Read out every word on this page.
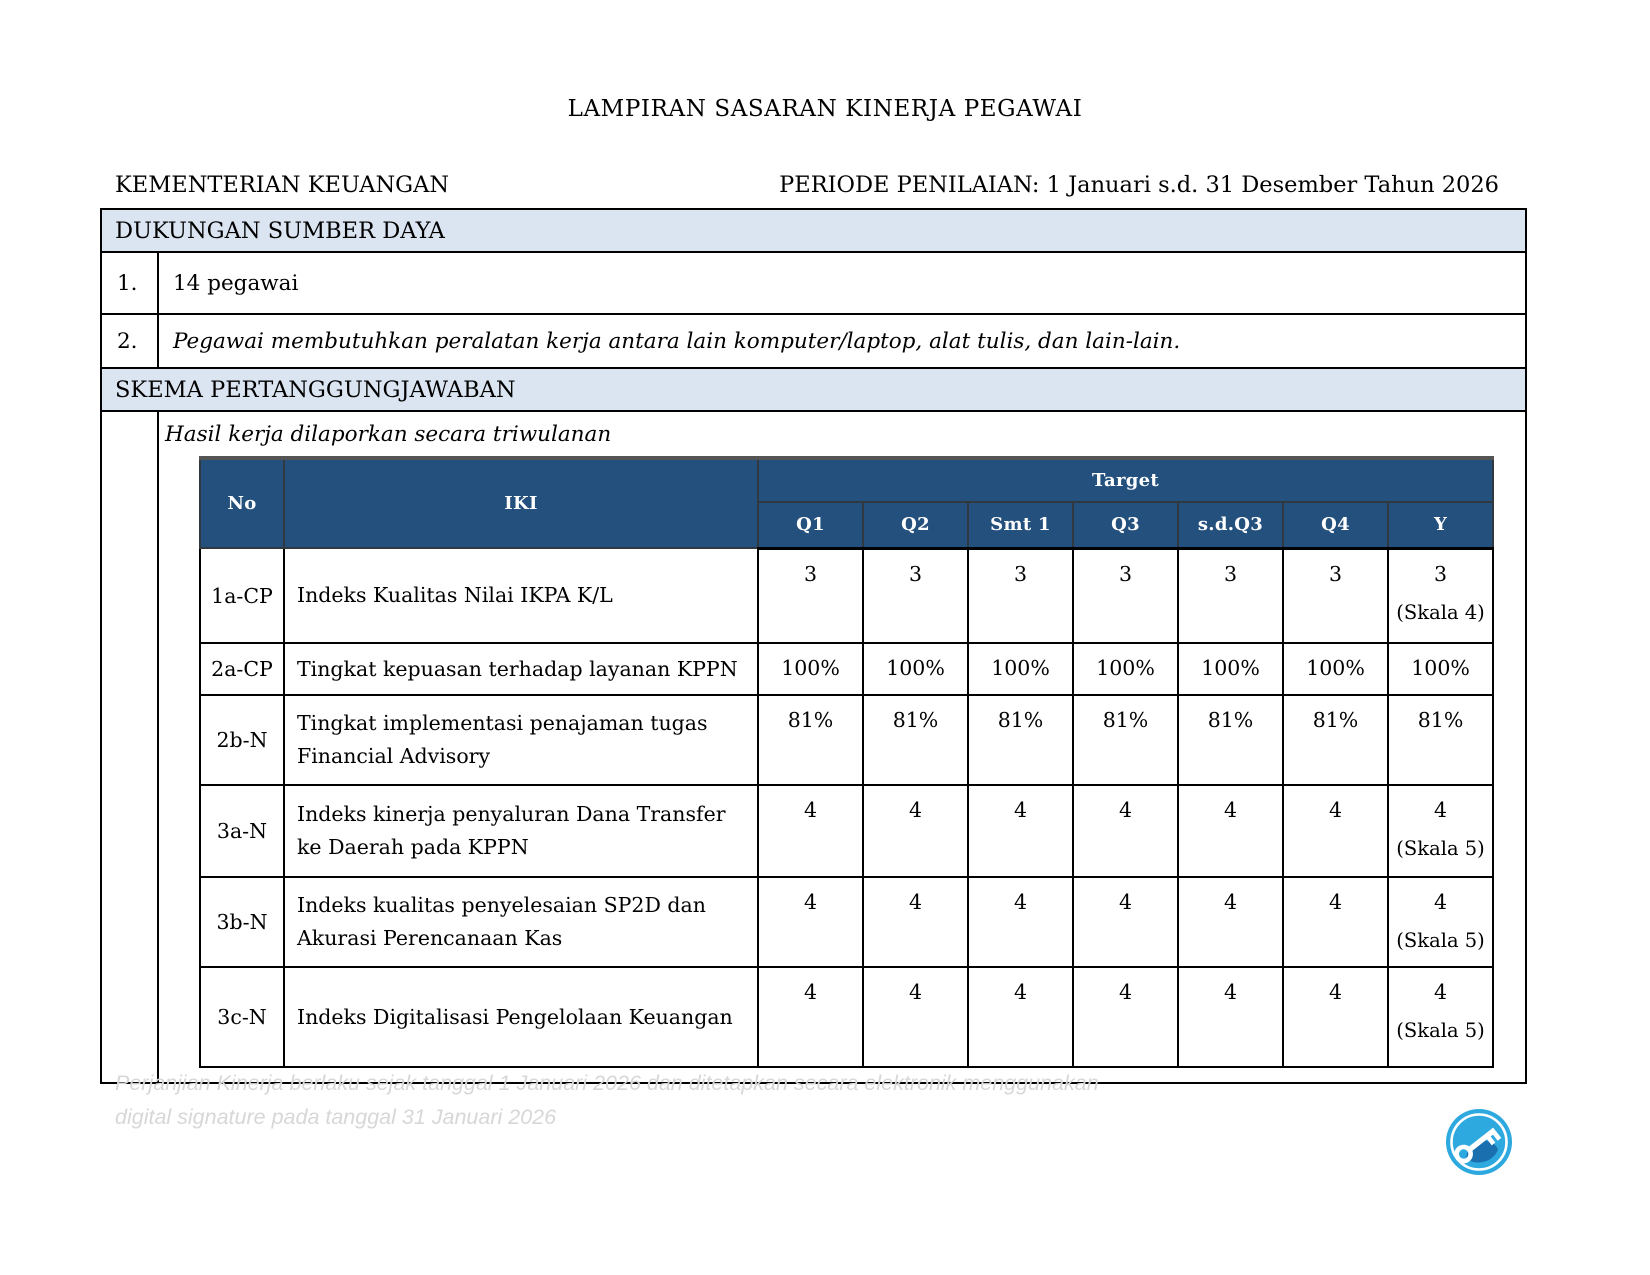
LAMPIRAN SASARAN KINERJA PEGAWAI
KEMENTERIAN KEUANGAN	PERIODE PENILAIAN: 1 Januari s.d. 31 Desember Tahun 2026
DUKUNGAN SUMBER DAYA
1.	14 pegawai
2.	Pegawai membutuhkan peralatan kerja antara lain komputer/laptop, alat tulis, dan lain-lain.
SKEMA PERTANGGUNGJAWABAN
Hasil kerja dilaporkan secara triwulanan
No	IKI	Target						
		Q1	Q2	Smt 1	Q3	s.d.Q3	Q4	Y
1a-CP	Indeks Kualitas Nilai IKPA K/L	3	3	3	3	3	3	3
(Skala 4)

2a-CP	Tingkat kepuasan terhadap layanan KPPN	100%	100%	100%	100%	100%	100%	100%

2b-N	Tingkat implementasi penajaman tugas Financial Advisory	81%	81%	81%	81%	81%	81%	81%

3a-N	Indeks kinerja penyaluran Dana Transfer ke Daerah pada KPPN	4	4	4	4	4	4	4
(Skala 5)

3b-N	Indeks kualitas penyelesaian SP2D dan Akurasi Perencanaan Kas	4	4	4	4	4	4	4
(Skala 5)

3c-N	Indeks Digitalisasi Pengelolaan Keuangan	4	4	4	4	4	4	4
(Skala 5)
Perjanjian Kinerja berlaku sejak tanggal 1 Januari 2026 dan ditetapkan secara elektronik menggunakan
digital signature pada tanggal 31 Januari 2026
